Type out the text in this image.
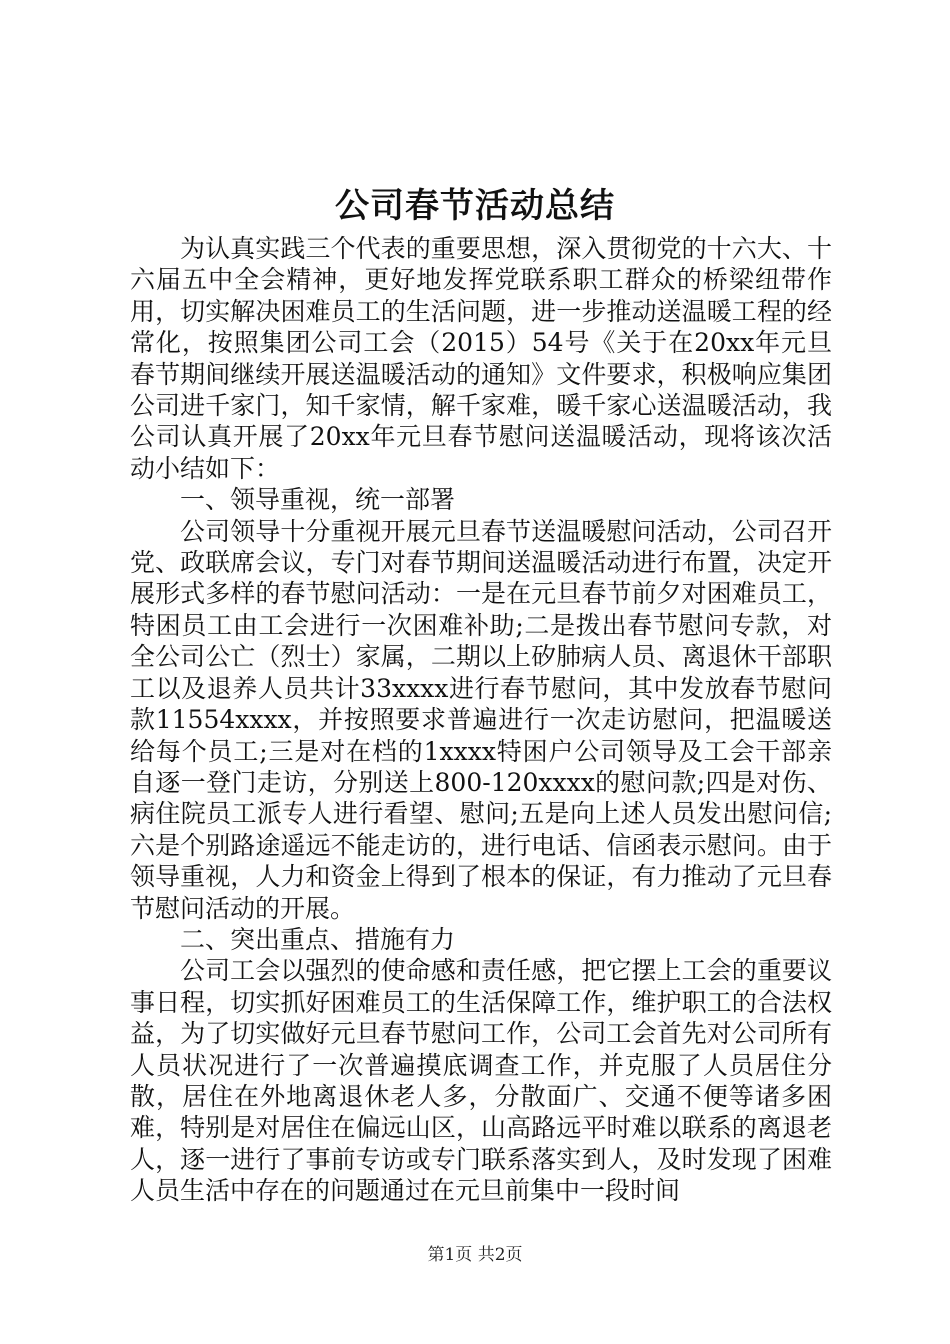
公司春节活动总结

为认真实践三个代表的重要思想，深入贯彻党的十六大、十六届五中全会精神，更好地发挥党联系职工群众的桥梁纽带作用，切实解决困难员工的生活问题，进一步推动送温暖工程的经常化，按照集团公司工会（2015）54号《关于在20xx年元旦春节期间继续开展送温暖活动的通知》文件要求，积极响应集团公司进千家门，知千家情，解千家难，暖千家心送温暖活动，我公司认真开展了20xx年元旦春节慰问送温暖活动，现将该次活动小结如下：

一、领导重视，统一部署

公司领导十分重视开展元旦春节送温暖慰问活动，公司召开党、政联席会议，专门对春节期间送温暖活动进行布置，决定开展形式多样的春节慰问活动：一是在元旦春节前夕对困难员工，特困员工由工会进行一次困难补助;二是拨出春节慰问专款，对全公司公亡（烈士）家属，二期以上矽肺病人员、离退休干部职工以及退养人员共计33xxxx进行春节慰问，其中发放春节慰问款11554xxxx，并按照要求普遍进行一次走访慰问，把温暖送给每个员工;三是对在档的1xxxx特困户公司领导及工会干部亲自逐一登门走访，分别送上800-120xxxx的慰问款;四是对伤、病住院员工派专人进行看望、慰问;五是向上述人员发出慰问信;六是个别路途遥远不能走访的，进行电话、信函表示慰问。由于领导重视，人力和资金上得到了根本的保证，有力推动了元旦春节慰问活动的开展。

二、突出重点、措施有力

公司工会以强烈的使命感和责任感，把它摆上工会的重要议事日程，切实抓好困难员工的生活保障工作，维护职工的合法权益，为了切实做好元旦春节慰问工作，公司工会首先对公司所有人员状况进行了一次普遍摸底调查工作，并克服了人员居住分散，居住在外地离退休老人多，分散面广、交通不便等诸多困难，特别是对居住在偏远山区，山高路远平时难以联系的离退老人，逐一进行了事前专访或专门联系落实到人，及时发现了困难人员生活中存在的问题通过在元旦前集中一段时间

第1页 共2页
